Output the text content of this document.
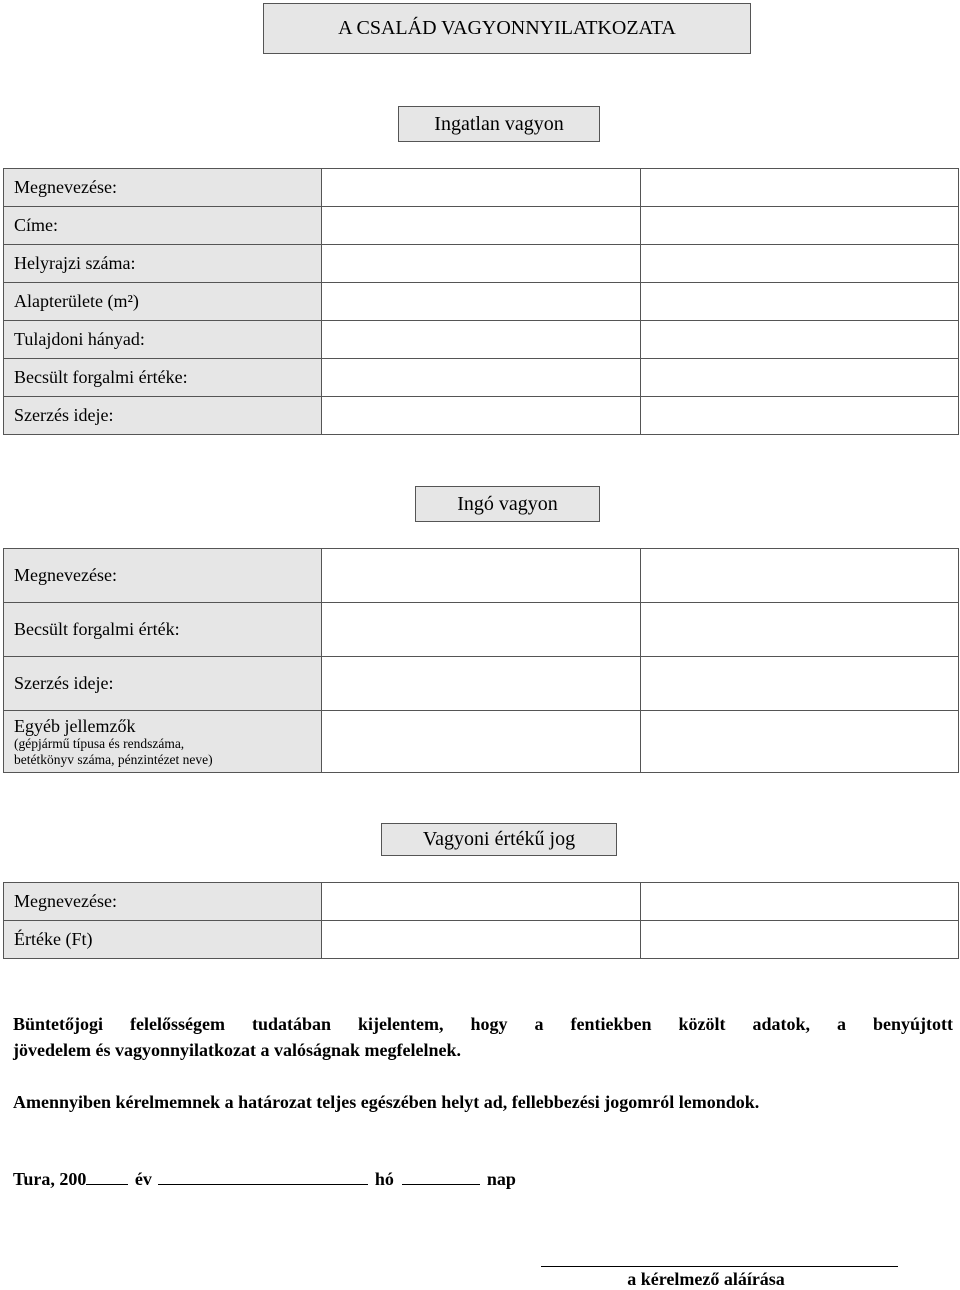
A CSALÁD VAGYONNYILATKOZATA
Ingatlan vagyon
Megnevezése:		
Címe:		
Helyrajzi száma:		
Alapterülete (m²)		
Tulajdoni hányad:		
Becsült forgalmi értéke:		
Szerzés ideje:		
Ingó vagyon
Megnevezése:		
Becsült forgalmi érték:		
Szerzés ideje:		

Egyéb jellemzők
(gépjármű típusa és rendszáma,
betétkönyv száma, pénzintézet neve)		

Vagyoni értékű jog
Megnevezése:		
Értéke (Ft)		
Büntetőjogi felelősségem tudatában kijelentem, hogy a fentiekben közölt adatok, a benyújtott
jövedelem és vagyonnyilatkozat a valóságnak megfelelnek.
Amennyiben kérelmemnek a határozat teljes egészében helyt ad, fellebbezési jogomról lemondok.
Tura, 200	év	hó	nap
a kérelmező aláírása
